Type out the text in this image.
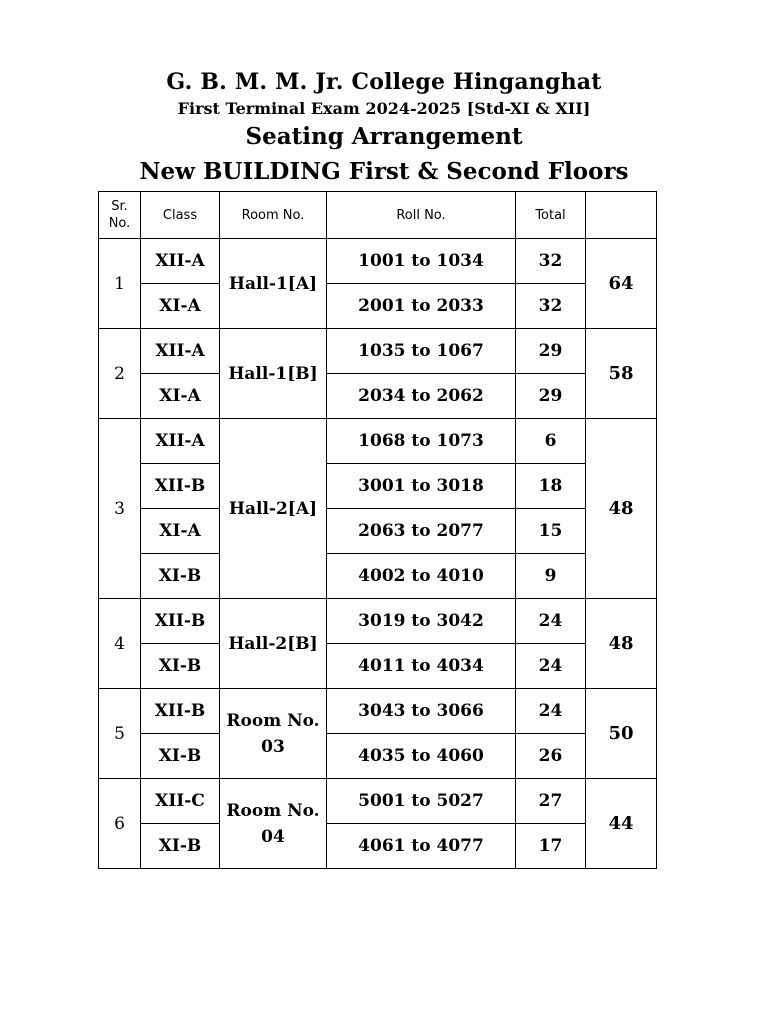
G. B. M. M. Jr. College Hinganghat
First Terminal Exam 2024-2025 [Std-XI & XII]
Seating Arrangement
New BUILDING First & Second Floors
Sr. No.	Class	Room No.	Roll No.	Total	
1	XII-A	Hall-1[A]	1001 to 1034	32	64
	XI-A		2001 to 2033	32	
2	XII-A	Hall-1[B]	1035 to 1067	29	58
	XI-A		2034 to 2062	29	
3	XII-A	Hall-2[A]	1068 to 1073	6	48
	XII-B		3001 to 3018	18	
	XI-A		2063 to 2077	15	
	XI-B		4002 to 4010	9	
4	XII-B	Hall-2[B]	3019 to 3042	24	48
	XI-B		4011 to 4034	24	
5	XII-B	Room No. 03	3043 to 3066	24	50
	XI-B		4035 to 4060	26	
6	XII-C	Room No. 04	5001 to 5027	27	44
	XI-B		4061 to 4077	17	
